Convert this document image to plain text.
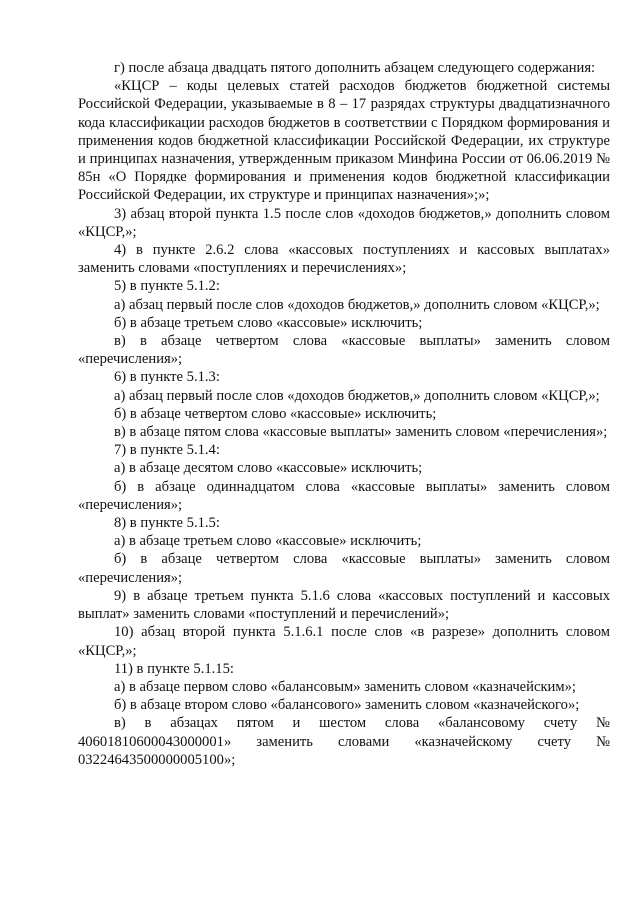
г) после абзаца двадцать пятого дополнить абзацем следующего содержания:

«КЦСР – коды целевых статей расходов бюджетов бюджетной системы Российской Федерации, указываемые в 8 – 17 разрядах структуры двадцатизначного кода классификации расходов бюджетов в соответствии с Порядком формирования и применения кодов бюджетной классификации Российской Федерации, их структуре и принципах назначения, утвержденным приказом Минфина России от 06.06.2019 № 85н «О Порядке формирования и применения кодов бюджетной классификации Российской Федерации, их структуре и принципах назначения»;»;

3) абзац второй пункта 1.5 после слов «доходов бюджетов,» дополнить словом «КЦСР,»;

4) в пункте 2.6.2 слова «кассовых поступлениях и кассовых выплатах» заменить словами «поступлениях и перечислениях»;

5) в пункте 5.1.2:

а) абзац первый после слов «доходов бюджетов,» дополнить словом «КЦСР,»;

б) в абзаце третьем слово «кассовые» исключить;

в) в абзаце четвертом слова «кассовые выплаты» заменить словом «перечисления»;

6) в пункте 5.1.3:

а) абзац первый после слов «доходов бюджетов,» дополнить словом «КЦСР,»;

б) в абзаце четвертом слово «кассовые» исключить;

в) в абзаце пятом слова «кассовые выплаты» заменить словом «перечисления»;

7) в пункте 5.1.4:

а) в абзаце десятом слово «кассовые» исключить;

б) в абзаце одиннадцатом слова «кассовые выплаты» заменить словом «перечисления»;

8) в пункте 5.1.5:

а) в абзаце третьем слово «кассовые» исключить;

б) в абзаце четвертом слова «кассовые выплаты» заменить словом «перечисления»;

9) в абзаце третьем пункта 5.1.6 слова «кассовых поступлений и кассовых выплат» заменить словами «поступлений и перечислений»;

10) абзац второй пункта 5.1.6.1 после слов «в разрезе» дополнить словом «КЦСР,»;

11) в пункте 5.1.15:

а) в абзаце первом слово «балансовым» заменить словом «казначейским»;

б) в абзаце втором слово «балансового» заменить словом «казначейского»;

в) в абзацах пятом и шестом слова «балансовому счету № 40601810600043000001» заменить словами «казначейскому счету № 03224643500000005100»;
